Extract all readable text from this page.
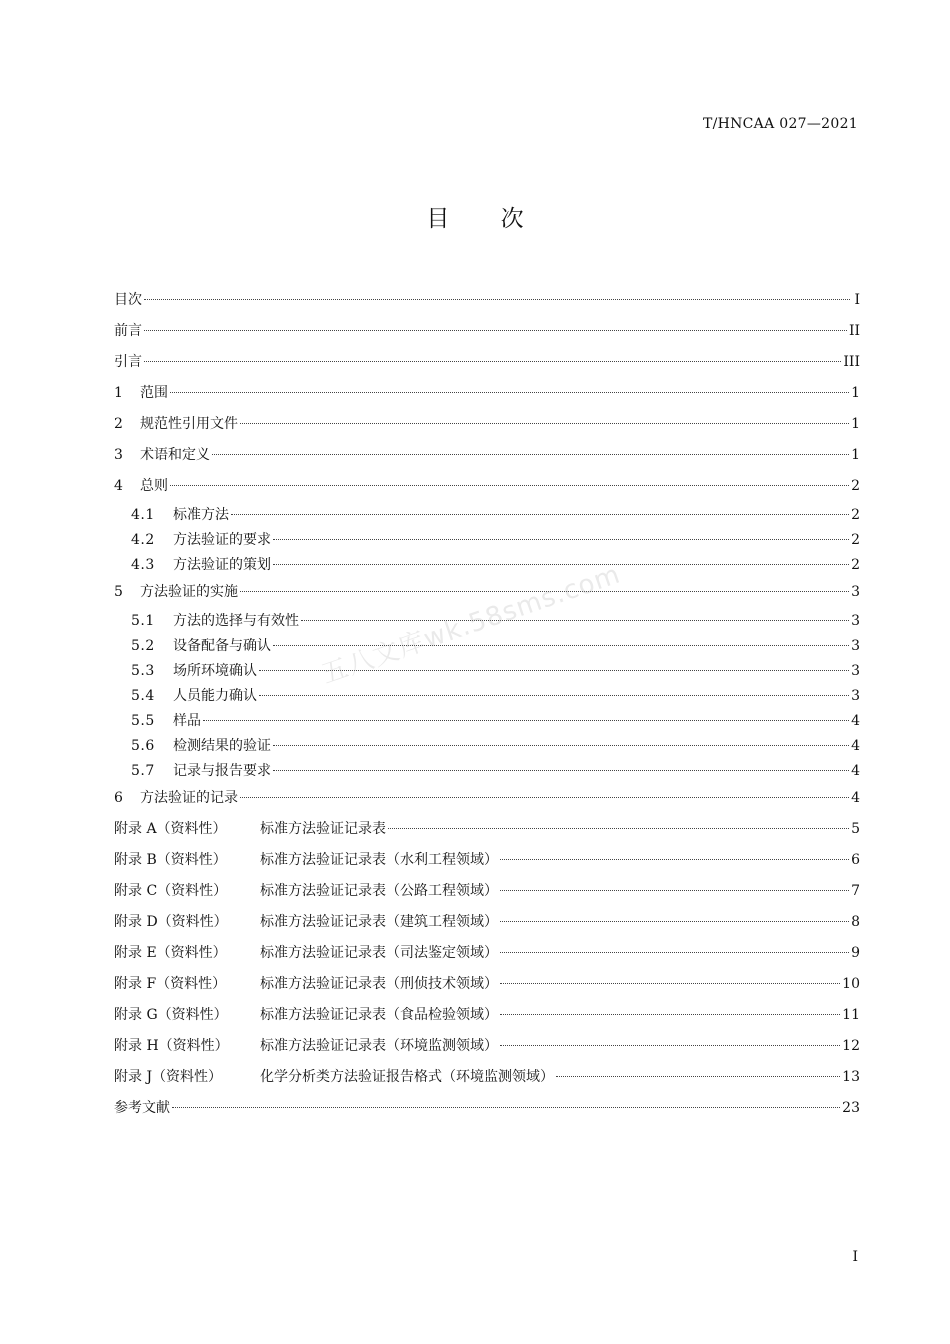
T/HNCAA 027—2021
目 次
目次	I
前言	II
引言	III
1	范围	1
2	规范性引用文件	1
3	术语和定义	1
4	总则	2
4.1	标准方法	2
4.2	方法验证的要求	2
4.3	方法验证的策划	2
5	方法验证的实施	3
5.1	方法的选择与有效性	3
5.2	设备配备与确认	3
5.3	场所环境确认	3
5.4	人员能力确认	3
5.5	样品	4
5.6	检测结果的验证	4
5.7	记录与报告要求	4
6	方法验证的记录	4
附录 A（资料性）	标准方法验证记录表	5
附录 B（资料性）	标准方法验证记录表（水利工程领域）	6
附录 C（资料性）	标准方法验证记录表（公路工程领域）	7
附录 D（资料性）	标准方法验证记录表（建筑工程领域）	8
附录 E（资料性）	标准方法验证记录表（司法鉴定领域）	9
附录 F（资料性）	标准方法验证记录表（刑侦技术领域）	10
附录 G（资料性）	标准方法验证记录表（食品检验领域）	11
附录 H（资料性）	标准方法验证记录表（环境监测领域）	12
附录 J（资料性）	化学分析类方法验证报告格式（环境监测领域）	13
参考文献	23
五八文库wk.58sms.com
I
